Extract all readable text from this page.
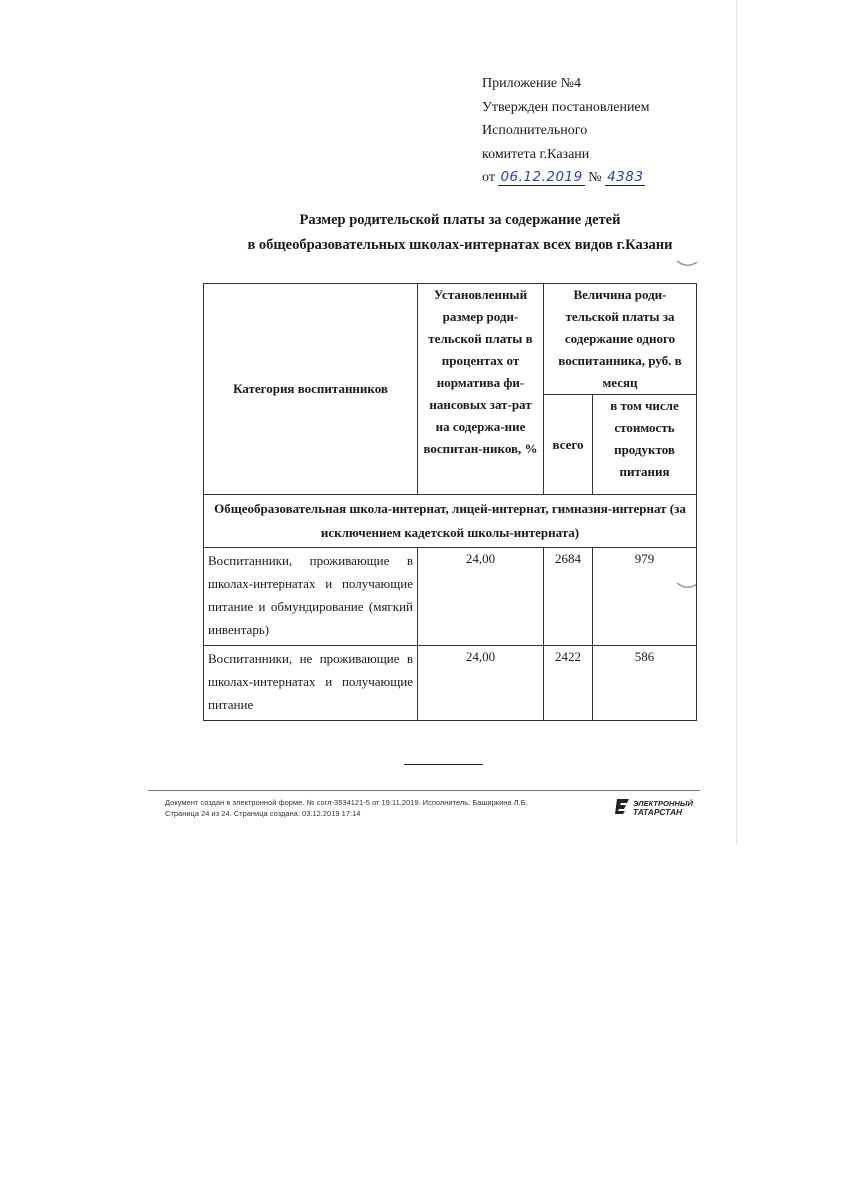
Приложение №4
Утвержден постановлением
Исполнительного
комитета г.Казани
от 06.12.2019 № 4383
Размер родительской платы за содержание детей
в общеобразовательных школах-интернатах всех видов г.Казани
Категория воспитанников	Установленный размер роди-тельской платы в процентах от норматива фи-нансовых зат-рат на содержа-ние воспитан-ников, %	Величина роди-тельской платы за содержание одного воспитанника, руб. в месяц	
		всего	в том числе стоимость продуктов питания
Общеобразовательная школа-интернат, лицей-интернат, гимназия-интернат (за исключением кадетской школы-интерната)			
Воспитанники, проживающие в школах-интернатах и получающие питание и обмундирование (мягкий инвентарь)	24,00	2684	979
Воспитанники, не проживающие в школах-интернатах и получающие питание	24,00	2422	586
Документ создан в электронной форме. № согл-3534121-5 от 19.11.2019. Исполнитель: Баширкина Л.Б.
Страница 24 из 24. Страница создана: 03.12.2019 17:14
ЭЛЕКТРОННЫЙ
ТАТАРСТАН
